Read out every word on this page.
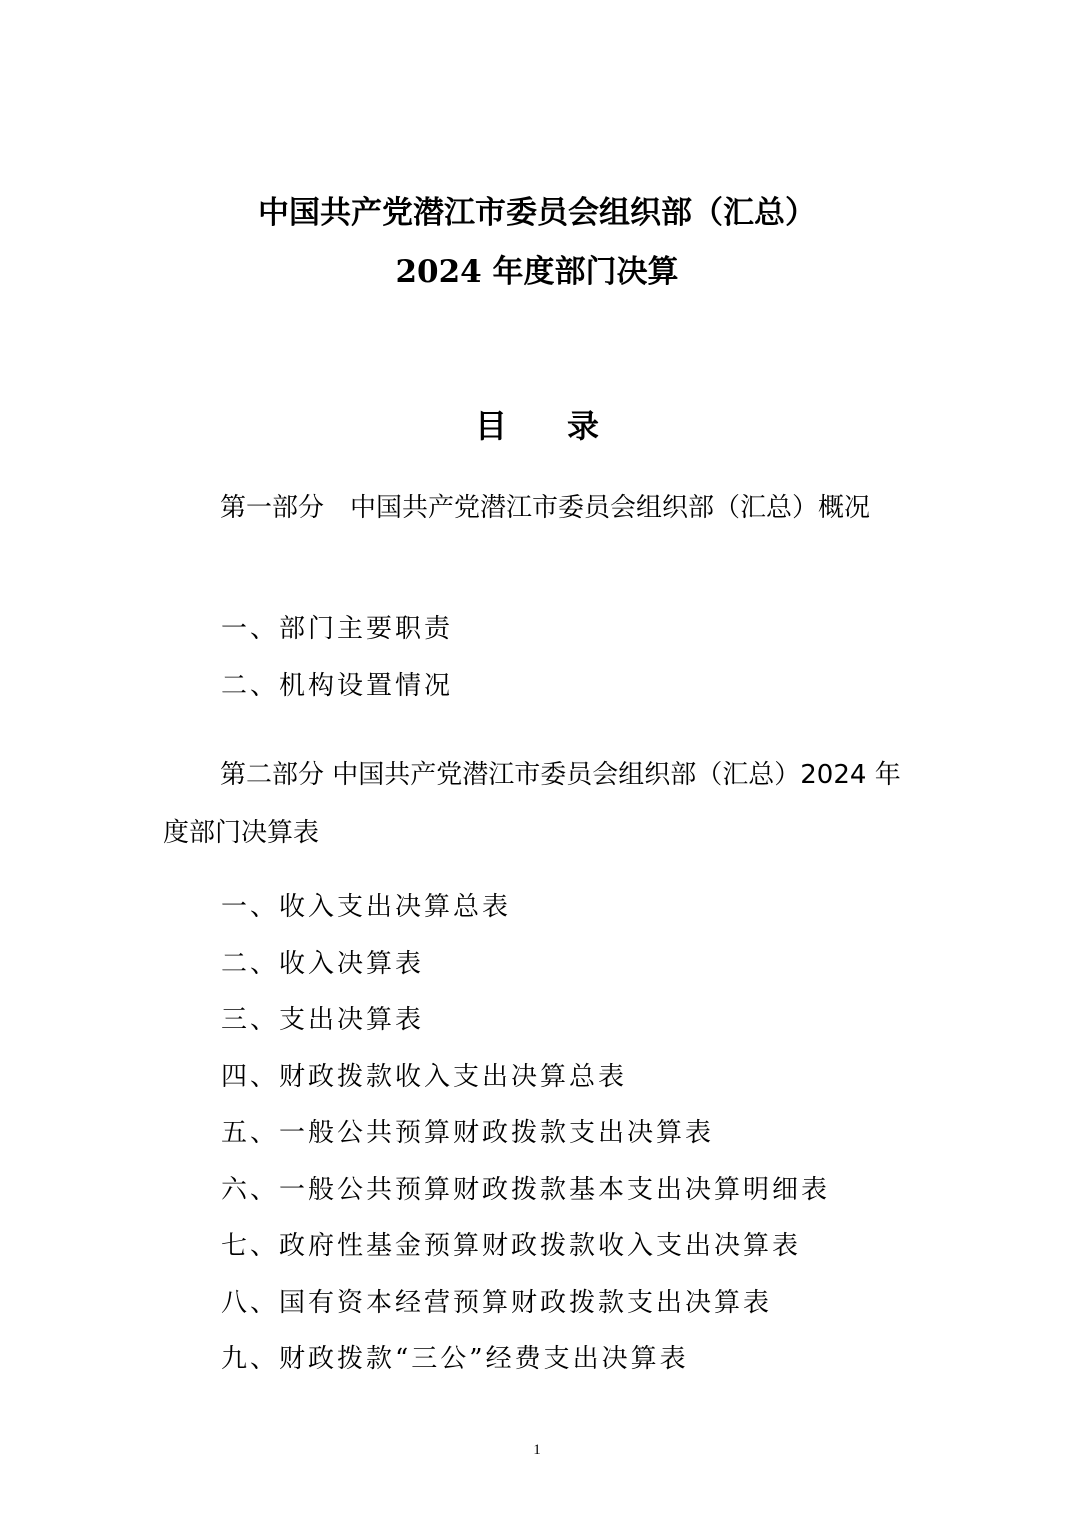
中国共产党潜江市委员会组织部（汇总）
2024 年度部门决算
目 录
第一部分　中国共产党潜江市委员会组织部（汇总）概况
一、部门主要职责
二、机构设置情况
第二部分 中国共产党潜江市委员会组织部（汇总）2024 年度部门决算表
一、收入支出决算总表
二、收入决算表
三、支出决算表
四、财政拨款收入支出决算总表
五、一般公共预算财政拨款支出决算表
六、一般公共预算财政拨款基本支出决算明细表
七、政府性基金预算财政拨款收入支出决算表
八、国有资本经营预算财政拨款支出决算表
九、财政拨款“三公”经费支出决算表
1
